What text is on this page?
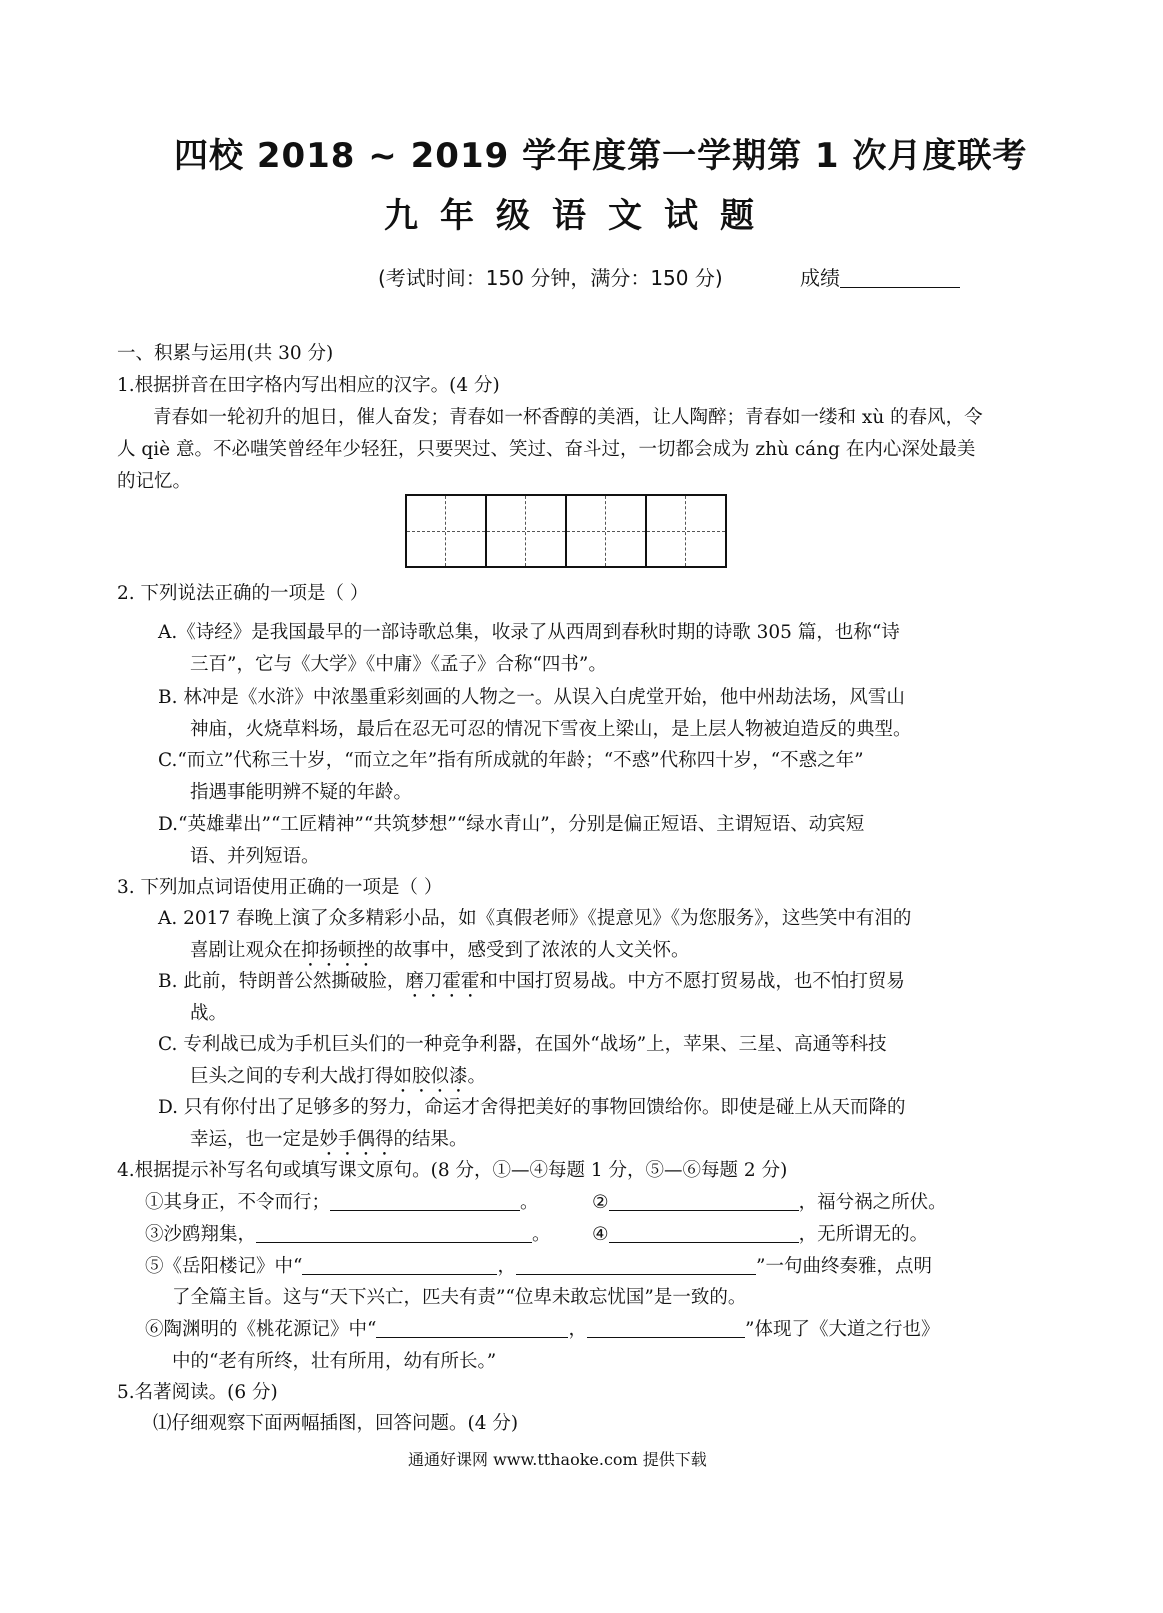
四校 2018 ~ 2019 学年度第一学期第 1 次月度联考
九年级语文试题
(考试时间：150 分钟，满分：150 分)	成绩
一、积累与运用(共 30 分)
1.根据拼音在田字格内写出相应的汉字。(4 分)
青春如一轮初升的旭日，催人奋发；青春如一杯香醇的美酒，让人陶醉；青春如一缕和 xù 的春风，令
人 qiè 意。不必嗤笑曾经年少轻狂，只要哭过、笑过、奋斗过，一切都会成为 zhù cáng 在内心深处最美
的记忆。
2. 下列说法正确的一项是（ ）
A.《诗经》是我国最早的一部诗歌总集，收录了从西周到春秋时期的诗歌 305 篇，也称“诗
三百”，它与《大学》《中庸》《孟子》合称“四书”。
B. 林冲是《水浒》中浓墨重彩刻画的人物之一。从误入白虎堂开始，他中州劫法场，风雪山
神庙，火烧草料场，最后在忍无可忍的情况下雪夜上梁山，是上层人物被迫造反的典型。
C.“而立”代称三十岁，“而立之年”指有所成就的年龄；“不惑”代称四十岁，“不惑之年”
指遇事能明辨不疑的年龄。
D.“英雄辈出”“工匠精神”“共筑梦想”“绿水青山”，分别是偏正短语、主谓短语、动宾短
语、并列短语。
3. 下列加点词语使用正确的一项是（ ）
A. 2017 春晚上演了众多精彩小品，如《真假老师》《提意见》《为您服务》，这些笑中有泪的
喜剧让观众在抑扬顿挫的故事中，感受到了浓浓的人文关怀。
B. 此前，特朗普公然撕破脸，磨刀霍霍和中国打贸易战。中方不愿打贸易战，也不怕打贸易
战。
C. 专利战已成为手机巨头们的一种竞争利器，在国外“战场”上，苹果、三星、高通等科技
巨头之间的专利大战打得如胶似漆。
D. 只有你付出了足够多的努力，命运才舍得把美好的事物回馈给你。即使是碰上从天而降的
幸运，也一定是妙手偶得的结果。
4.根据提示补写名句或填写课文原句。(8 分，①—④每题 1 分，⑤—⑥每题 2 分)
①其身正，不令而行；	。	②	，福兮祸之所伏。
③沙鸥翔集，	。 ④	，无所谓无的。
⑤《岳阳楼记》中“	，	”一句曲终奏雅，点明
了全篇主旨。这与“天下兴亡，匹夫有责”“位卑未敢忘忧国”是一致的。
⑥陶渊明的《桃花源记》中“	，	”体现了《大道之行也》
中的“老有所终，壮有所用，幼有所长。”
5.名著阅读。(6 分)
⑴仔细观察下面两幅插图，回答问题。(4 分)
通通好课网 www.tthaoke.com 提供下载
